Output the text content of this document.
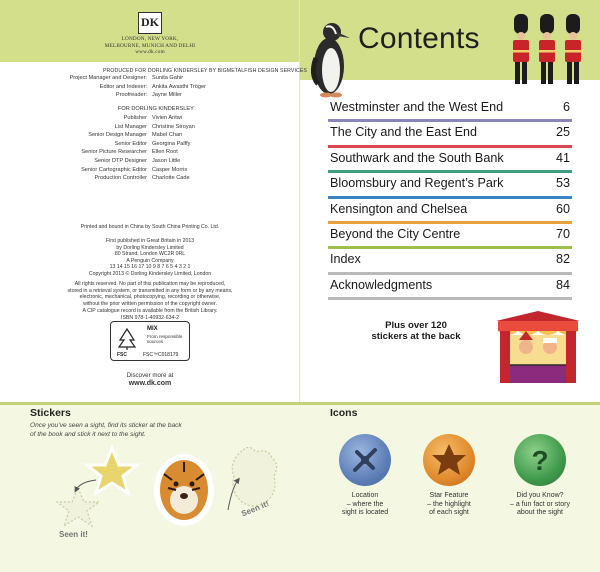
DK
LONDON, NEW YORK,
MELBOURNE, MUNICH AND DELHI
www.dk.com
PRODUCED FOR DORLING KINDERSLEY BY BIGMETALFISH DESIGN SERVICES
Project Manager and Designer: Sunita Gahir
Editor and Indexer: Ankita Awasthi Tröger
Proofreader: Jayne Miller
FOR DORLING KINDERSLEY
Publisher Vivien Antwi
List Manager Christine Stroyan
Senior Design Manager Mabel Chan
Senior Editor Georgina Palffy
Senior Picture Researcher Ellen Root
Senior DTP Designer Jason Little
Senior Cartographic Editor Casper Morris
Production Controller Charlotte Cade
Printed and bound in China by South China Printing Co. Ltd.
First published in Great Britain in 2013
by Dorling Kindersley Limited
80 Strand, London WC2R 0RL
A Penguin Company
13 14 15 16 17 10 9 8 7 6 5 4 3 2 1
Copyright 2013 © Dorling Kindersley Limited, London
All rights reserved. No part of this publication may be reproduced,
stored in a retrieval system, or transmitted in any form or by any means,
electronic, mechanical, photocopying, recording or otherwise,
without the prior written permission of the copyright owner.
A CIP catalogue record is available from the British Library.
ISBN 978-1-40932-634-2
MIX
From responsible
sources
FSC	FSC™C018179
Discover more at
www.dk.com
Contents
Westminster and the West End	6
The City and the East End	25
Southwark and the South Bank	41
Bloomsbury and Regent’s Park	53
Kensington and Chelsea	60
Beyond the City Centre	70
Index	82
Acknowledgments	84
Plus over 120
stickers at the back
Stickers
Once you’ve seen a sight, find its sticker at the back
of the book and stick it next to the sight.
Seen it!
Seen it!
Icons
?
Location
– where the
sight is located
Star Feature
– the highlight
of each sight
Did you Know?
– a fun fact or story
about the sight
